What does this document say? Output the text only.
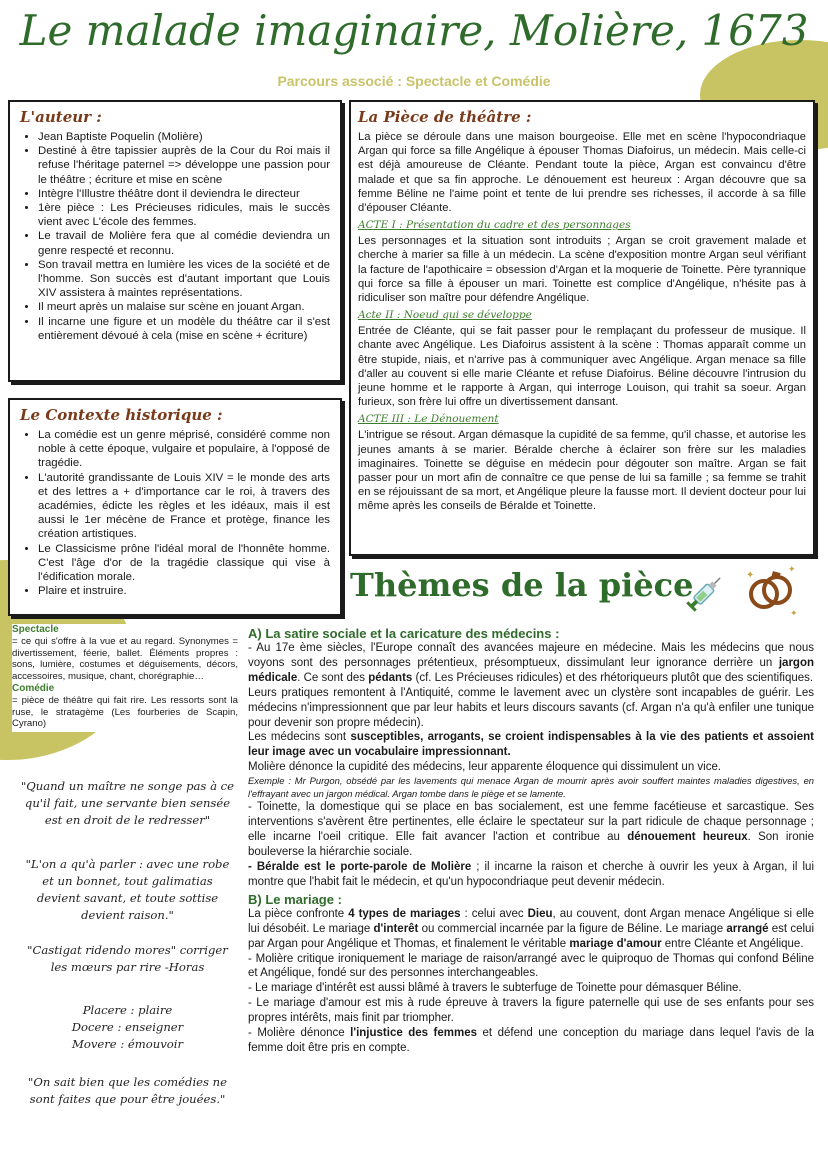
Le malade imaginaire, Molière, 1673
Parcours associé : Spectacle et Comédie
L'auteur :
• Jean Baptiste Poquelin (Molière)
• Destiné à être tapissier auprès de la Cour du Roi mais il refuse l'héritage paternel => développe une passion pour le théâtre ; écriture et mise en scène
• Intègre l'Illustre théâtre dont il deviendra le directeur
• 1ère pièce : Les Précieuses ridicules, mais le succès vient avec L'école des femmes.
• Le travail de Molière fera que al comédie deviendra un genre respecté et reconnu.
• Son travail mettra en lumière les vices de la société et de l'homme. Son succès est d'autant important que Louis XIV assistera à maintes représentations.
• Il meurt après un malaise sur scène en jouant Argan.
• Il incarne une figure et un modèle du théâtre car il s'est entièrement dévoué à cela (mise en scène + écriture)
Le Contexte historique :
• La comédie est un genre méprisé, considéré comme non noble à cette époque, vulgaire et populaire, à l'opposé de tragédie.
• L'autorité grandissante de Louis XIV = le monde des arts et des lettres a + d'importance car le roi, à travers des académies, édicte les règles et les idéaux, mais il est aussi le 1er mécène de France et protège, finance les création artistiques.
• Le Classicisme prône l'idéal moral de l'honnête homme. C'est l'âge d'or de la tragédie classique qui vise à l'édification morale.
• Plaire et instruire.
La Pièce de théâtre :

La pièce se déroule dans une maison bourgeoise. Elle met en scène l'hypocondriaque Argan qui force sa fille Angélique à épouser Thomas Diafoirus, un médecin. Mais celle-ci est déjà amoureuse de Cléante. Pendant toute la pièce, Argan est convaincu d'être malade et que sa fin approche. Le dénouement est heureux : Argan découvre que sa femme Béline ne l'aime point et tente de lui prendre ses richesses, il accorde à sa fille d'épouser Cléante.

ACTE I : Présentation du cadre et des personnages

Les personnages et la situation sont introduits ; Argan se croit gravement malade et cherche à marier sa fille à un médecin. La scène d'exposition montre Argan seul vérifiant la facture de l'apothicaire = obsession d'Argan et la moquerie de Toinette. Père tyrannique qui force sa fille à épouser un mari. Toinette est complice d'Angélique, n'hésite pas à ridiculiser son maître pour défendre Angélique.

Acte II : Noeud qui se développe

Entrée de Cléante, qui se fait passer pour le remplaçant du professeur de musique. Il chante avec Angélique. Les Diafoirus assistent à la scène : Thomas apparaît comme un être stupide, niais, et n'arrive pas à communiquer avec Angélique. Argan menace sa fille d'aller au couvent si elle marie Cléante et refuse Diafoirus. Béline découvre l'intrusion du jeune homme et le rapporte à Argan, qui interroge Louison, qui trahit sa soeur. Argan furieux, son frère lui offre un divertissement dansant.

ACTE III : Le Dénouement

L'intrigue se résout. Argan démasque la cupidité de sa femme, qu'il chasse, et autorise les jeunes amants à se marier. Béralde cherche à éclairer son frère sur les maladies imaginaires. Toinette se déguise en médecin pour dégouter son maître. Argan se fait passer pour un mort afin de connaître ce que pense de lui sa famille ; sa femme se trahit en se réjouissant de sa mort, et Angélique pleure la fausse mort. Il devient docteur pour lui même après les conseils de Béralde et Toinette.

Thèmes de la pièce	✦
✦
✦
Spectacle
= ce qui s'offre à la vue et au regard. Synonymes = divertissement, féerie, ballet. Éléments propres : sons, lumière, costumes et déguisements, décors, accessoires, musique, chant, chorégraphie…
Comédie
= pièce de théâtre qui fait rire. Les ressorts sont la ruse, le stratagème (Les fourberies de Scapin, Cyrano)
"Quand un maître ne songe pas à ce qu'il fait, une servante bien sensée est en droit de le redresser"
"L'on a qu'à parler : avec une robe et un bonnet, tout galimatias devient savant, et toute sottise devient raison."
"Castigat ridendo mores" corriger les mœurs par rire -Horas
Placere : plaire
Docere : enseigner
Movere : émouvoir
"On sait bien que les comédies ne sont faites que pour être jouées."
A) La satire sociale et la caricature des médecins :

- Au 17e ème siècles, l'Europe connaît des avancées majeure en médecine. Mais les médecins que nous voyons sont des personnages prétentieux, présomptueux, dissimulant leur ignorance derrière un jargon médicale. Ce sont des pédants (cf. Les Précieuses ridicules) et des rhétoriqueurs plutôt que des scientifiques.

Leurs pratiques remontent à l'Antiquité, comme le lavement avec un clystère sont incapables de guérir. Les médecins n'impressionnent que par leur habits et leurs discours savants (cf. Argan n'a qu'à enfiler une tunique pour devenir son propre médecin).

Les médecins sont susceptibles, arrogants, se croient indispensables à la vie des patients et assoient leur image avec un vocabulaire impressionnant.

Molière dénonce la cupidité des médecins, leur apparente éloquence qui dissimulent un vice.

Exemple : Mr Purgon, obsédé par les lavements qui menace Argan de mourrir après avoir souffert maintes maladies digestives, en l'effrayant avec un jargon médical. Argan tombe dans le piège et se lamente.

- Toinette, la domestique qui se place en bas socialement, est une femme facétieuse et sarcastique. Ses interventions s'avèrent être pertinentes, elle éclaire le spectateur sur la part ridicule de chaque personnage ; elle incarne l'oeil critique. Elle fait avancer l'action et contribue au dénouement heureux. Son ironie bouleverse la hiérarchie sociale.

- Béralde est le porte-parole de Molière ; il incarne la raison et cherche à ouvrir les yeux à Argan, il lui montre que l'habit fait le médecin, et qu'un hypocondriaque peut devenir médecin.

B) Le mariage :

La pièce confronte 4 types de mariages : celui avec Dieu, au couvent, dont Argan menace Angélique si elle lui désobéit. Le mariage d'interêt ou commercial incarnée par la figure de Béline. Le mariage arrangé est celui par Argan pour Angélique et Thomas, et finalement le véritable mariage d'amour entre Cléante et Angélique.

- Molière critique ironiquement le mariage de raison/arrangé avec le quiproquo de Thomas qui confond Béline et Angélique, fondé sur des personnes interchangeables.

- Le mariage d'intérêt est aussi blâmé à travers le subterfuge de Toinette pour démasquer Béline.

- Le mariage d'amour est mis à rude épreuve à travers la figure paternelle qui use de ses enfants pour ses propres intérêts, mais finit par triompher.

- Molière dénonce l'injustice des femmes et défend une conception du mariage dans lequel l'avis de la femme doit être pris en compte.
